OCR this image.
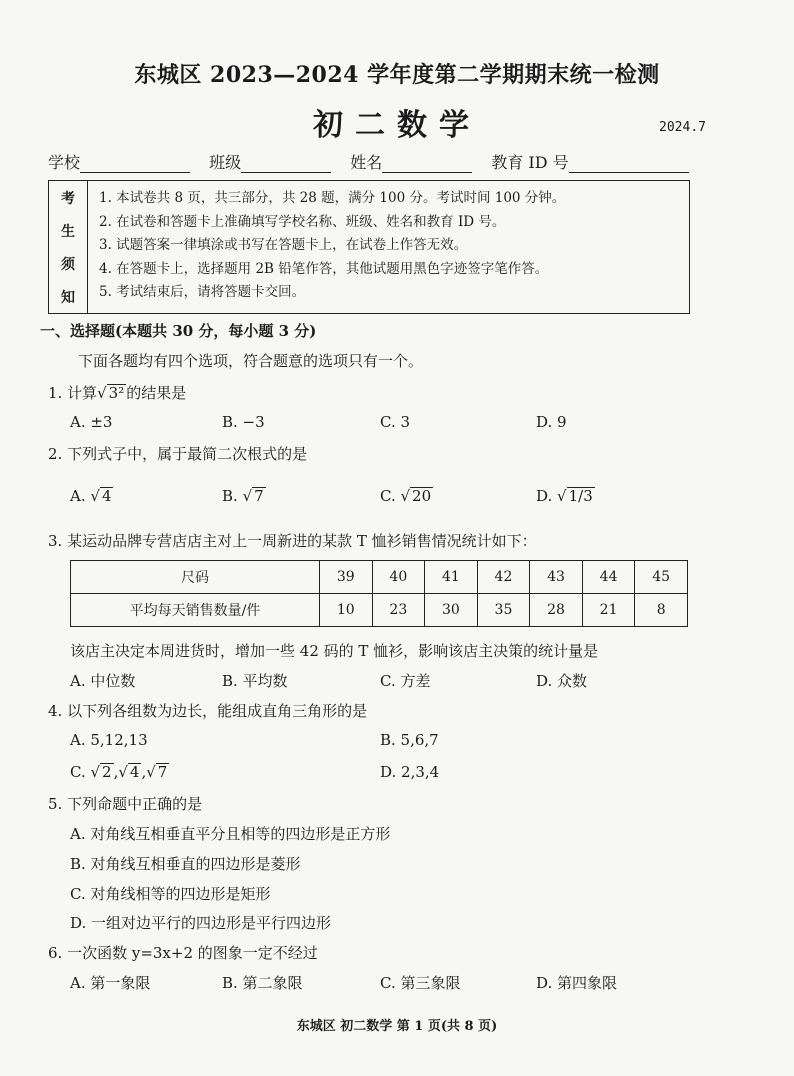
东城区 2023—2024 学年度第二学期期末统一检测
初二数学	2024.7
学校	班级	姓名	教育 ID 号
考
生
须
知
1. 本试卷共 8 页，共三部分，共 28 题，满分 100 分。考试时间 100 分钟。
2. 在试卷和答题卡上准确填写学校名称、班级、姓名和教育 ID 号。
3. 试题答案一律填涂或书写在答题卡上，在试卷上作答无效。
4. 在答题卡上，选择题用 2B 铅笔作答，其他试题用黑色字迹签字笔作答。
5. 考试结束后，请将答题卡交回。
一、选择题(本题共 30 分，每小题 3 分)
下面各题均有四个选项，符合题意的选项只有一个。
1. 计算√ 3² 的结果是
A. ±3	B. −3	C. 3	D. 9
2. 下列式子中，属于最简二次根式的是
A. √ 4	B. √ 7	C. √ 20	D. √ 1/3
3. 某运动品牌专营店店主对上一周新进的某款 T 恤衫销售情况统计如下：
尺码	39	40	41	42	43	44	45
平均每天销售数量/件	10	23	30	35	28	21	8
该店主决定本周进货时，增加一些 42 码的 T 恤衫，影响该店主决策的统计量是
A. 中位数	B. 平均数	C. 方差	D. 众数
4. 以下列各组数为边长，能组成直角三角形的是
A. 5,12,13	B. 5,6,7
C. √ 2 ,√ 4 ,√ 7	D. 2,3,4
5. 下列命题中正确的是
A. 对角线互相垂直平分且相等的四边形是正方形
B. 对角线互相垂直的四边形是菱形
C. 对角线相等的四边形是矩形
D. 一组对边平行的四边形是平行四边形
6. 一次函数 y=3x+2 的图象一定不经过
A. 第一象限	B. 第二象限	C. 第三象限	D. 第四象限
东城区 初二数学 第 1 页(共 8 页)
